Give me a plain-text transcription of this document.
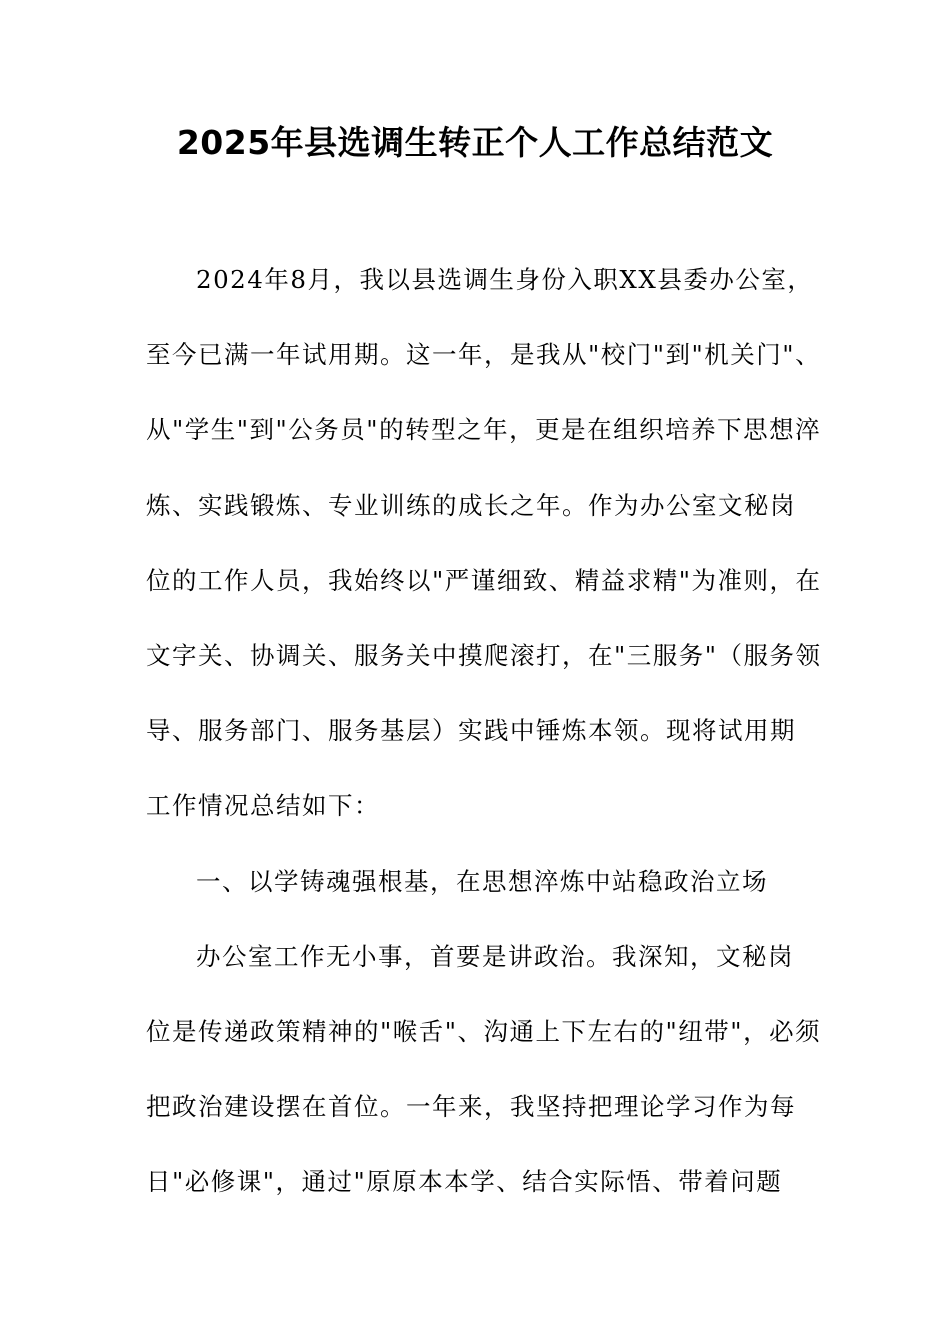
2025年县选调生转正个人工作总结范文
2024年8月，我以县选调生身份入职XX县委办公室，
至今已满一年试用期。这一年，是我从"校门"到"机关门"、
从"学生"到"公务员"的转型之年，更是在组织培养下思想淬
炼、实践锻炼、专业训练的成长之年。作为办公室文秘岗
位的工作人员，我始终以"严谨细致、精益求精"为准则，在
文字关、协调关、服务关中摸爬滚打，在"三服务"（服务领
导、服务部门、服务基层）实践中锤炼本领。现将试用期
工作情况总结如下：
一、以学铸魂强根基，在思想淬炼中站稳政治立场
办公室工作无小事，首要是讲政治。我深知，文秘岗
位是传递政策精神的"喉舌"、沟通上下左右的"纽带"，必须
把政治建设摆在首位。一年来，我坚持把理论学习作为每
日"必修课"，通过"原原本本学、结合实际悟、带着问题
